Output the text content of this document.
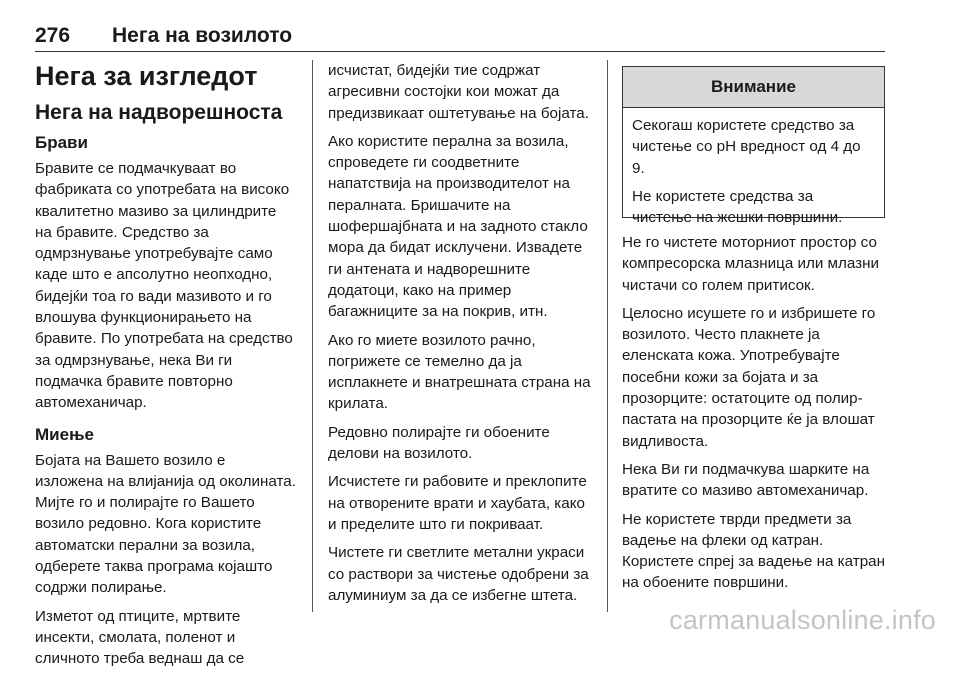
276 Нега на возилото
Нега за изгледот
Нега на надворешноста
Брави

Бравите се подмачкуваат во фабриката со употребата на високо квалитетно мазиво за цилиндрите на бравите. Средство за одмрзнување употребувајте само каде што е апсолутно неопходно, бидејќи тоа го вади мазивото и го влошува функционирањето на бравите. По употребата на средство за одмрзнување, нека Ви ги подмачка бравите повторно автомеханичар.

Миење

Бојата на Вашето возило е изложена на влијанија од околината. Мијте го и полирајте го Вашето возило редовно. Кога користите автоматски перални за возила, одберете таква програма којашто содржи полирање.

Изметот од птиците, мртвите инсекти, смолата, поленот и сличното треба веднаш да се

исчистат, бидејќи тие содржат агресивни состојки кои можат да предизвикаат оштетување на бојата.

Ако користите перална за возила, спроведете ги соодветните напатствија на производителот на пералната. Бришачите на шофершајбната и на задното стакло мора да бидат исклучени. Извадете ги антената и надворешните додатоци, како на пример багажниците за на покрив, итн.

Ако го миете возилото рачно, погрижете се темелно да ја исплакнете и внатрешната страна на крилата.

Редовно полирајте ги обоените делови на возилото.

Исчистете ги рабовите и преклопите на отворените врати и хаубата, како и пределите што ги покриваат.

Чистете ги светлите метални украси со раствори за чистење одобрени за алуминиум за да се избегне штета.

Внимание

Секогаш користете средство за чистење со pH вредност од 4 до 9.

Не користете средства за чистење на жешки површини.

Не го чистете моторниот простор со компресорска млазница или млазни чистачи со голем притисок.

Целосно исушете го и избришете го возилото. Често плакнете ја еленската кожа. Употребувајте посебни кожи за бојата и за прозорците: остатоците од полир-пастата на прозорците ќе ја влошат видливоста.

Нека Ви ги подмачкува шарките на вратите со мазиво автомеханичар.

Не користете тврди предмети за вадење на флеки од катран. Користете спреј за вадење на катран на обоените површини.

carmanualsonline.info
